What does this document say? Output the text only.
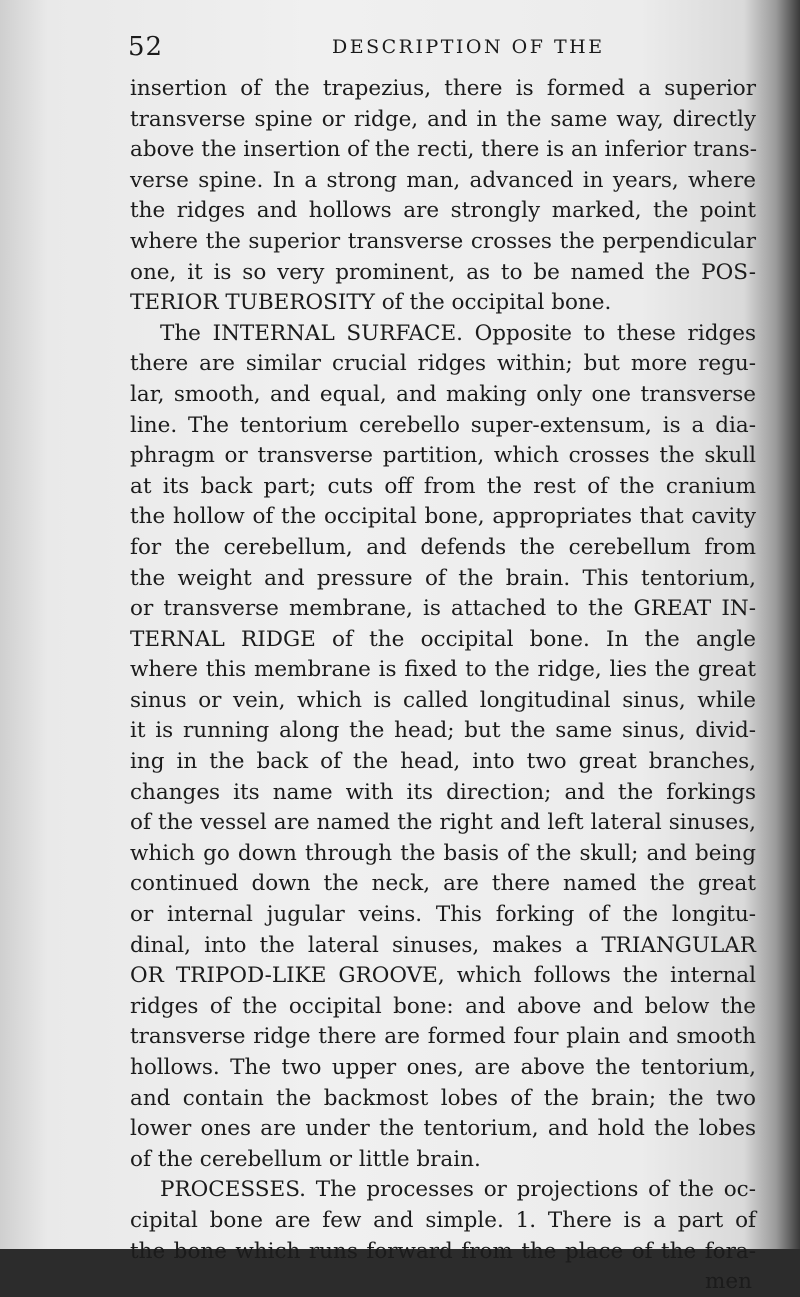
52	DESCRIPTION OF THE
insertion of the trapezius, there is formed a superior
transverse spine or ridge, and in the same way, directly
above the insertion of the recti, there is an inferior trans-
verse spine. In a strong man, advanced in years, where
the ridges and hollows are strongly marked, the point
where the superior transverse crosses the perpendicular
one, it is so very prominent, as to be named the POS-
TERIOR TUBEROSITY of the occipital bone.
The INTERNAL SURFACE. Opposite to these ridges
there are similar crucial ridges within; but more regu-
lar, smooth, and equal, and making only one transverse
line. The tentorium cerebello super-extensum, is a dia-
phragm or transverse partition, which crosses the skull
at its back part; cuts off from the rest of the cranium
the hollow of the occipital bone, appropriates that cavity
for the cerebellum, and defends the cerebellum from
the weight and pressure of the brain. This tentorium,
or transverse membrane, is attached to the GREAT IN-
TERNAL RIDGE of the occipital bone. In the angle
where this membrane is fixed to the ridge, lies the great
sinus or vein, which is called longitudinal sinus, while
it is running along the head; but the same sinus, divid-
ing in the back of the head, into two great branches,
changes its name with its direction; and the forkings
of the vessel are named the right and left lateral sinuses,
which go down through the basis of the skull; and being
continued down the neck, are there named the great
or internal jugular veins. This forking of the longitu-
dinal, into the lateral sinuses, makes a TRIANGULAR
OR TRIPOD-LIKE GROOVE, which follows the internal
ridges of the occipital bone: and above and below the
transverse ridge there are formed four plain and smooth
hollows. The two upper ones, are above the tentorium,
and contain the backmost lobes of the brain; the two
lower ones are under the tentorium, and hold the lobes
of the cerebellum or little brain.
PROCESSES. The processes or projections of the oc-
cipital bone are few and simple. 1. There is a part of
the bone which runs forward from the place of the fora-
men
